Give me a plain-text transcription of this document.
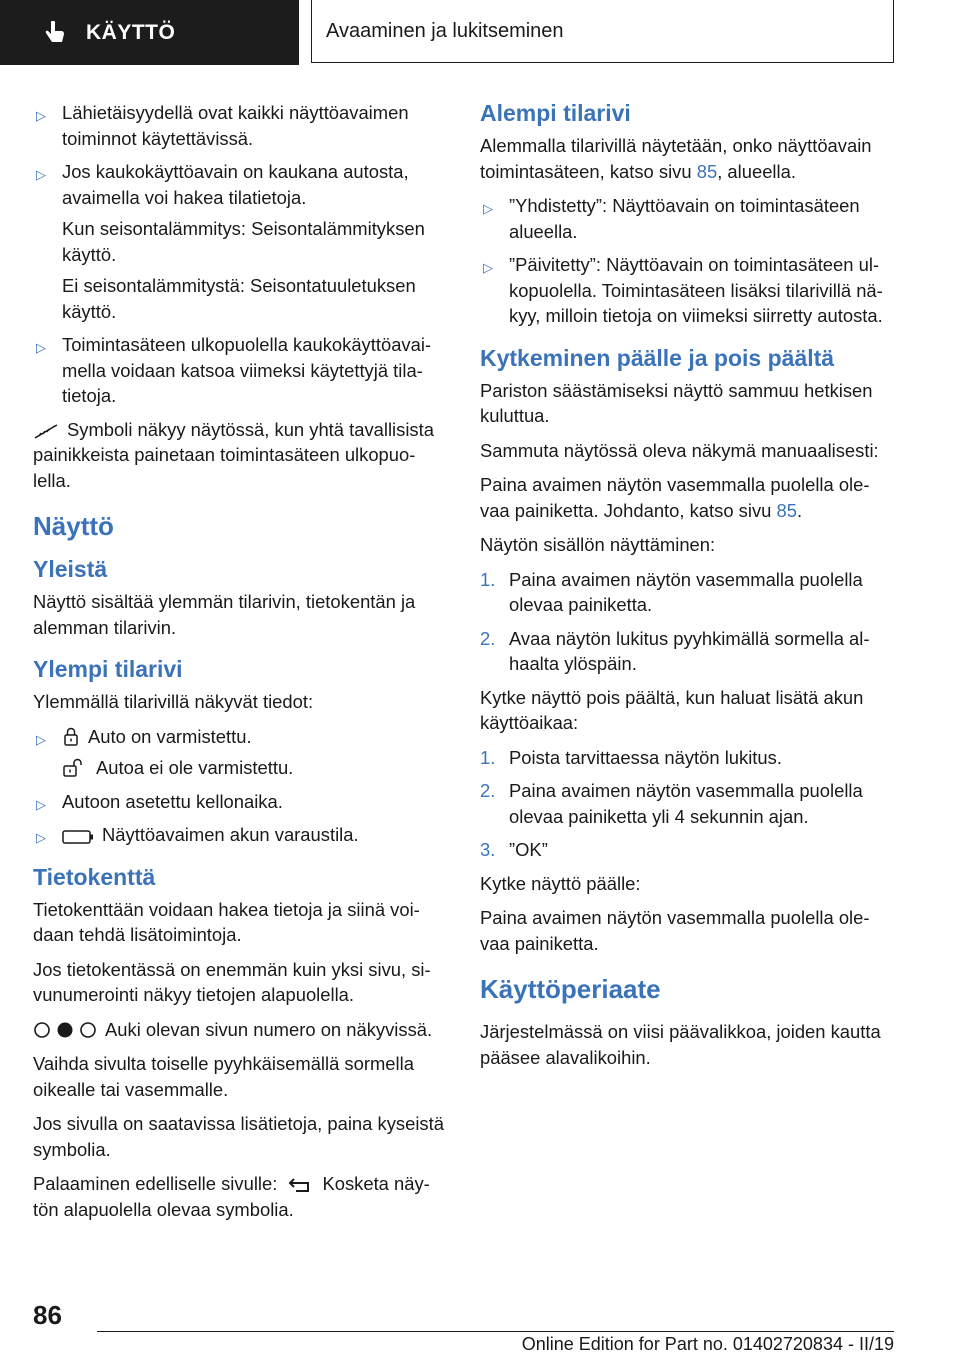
KÄYTTÖ	Avaaminen ja lukitseminen
▷ Lähietäisyydellä ovat kaikki näyttöavaimen toiminnot käytettävissä.

▷ Jos kaukokäyttöavain on kaukana autosta, avaimella voi hakea tilatietoja.

Kun seisontalämmitys: Seisontalämmityksen käyttö.

Ei seisontalämmitystä: Seisontatuuletuksen käyttö.

▷ Toimintasäteen ulkopuolella kaukokäyttöavai-mella voidaan katsoa viimeksi käytettyjä tila-tietoja.

Symboli näkyy näytössä, kun yhtä tavallisista painikkeista painetaan toimintasäteen ulkopuo-lella.

Näyttö
Yleistä

Näyttö sisältää ylemmän tilarivin, tietokentän ja alemman tilarivin.

Ylempi tilarivi

Ylemmällä tilarivillä näkyvät tiedot:

▷	Auto on varmistettu.

Autoa ei ole varmistettu.

▷ Autoon asetettu kellonaika.

▷	Näyttöavaimen akun varaustila.

Tietokenttä

Tietokenttään voidaan hakea tietoja ja siinä voi-daan tehdä lisätoimintoja.

Jos tietokentässä on enemmän kuin yksi sivu, si-vunumerointi näkyy tietojen alapuolella.

Auki olevan sivun numero on näkyvissä.

Vaihda sivulta toiselle pyyhkäisemällä sormella oikealle tai vasemmalle.

Jos sivulla on saatavissa lisätietoja, paina kyseistä symbolia.

Palaaminen edelliselle sivulle: Kosketa näy-tön alapuolella olevaa symbolia.

Alempi tilarivi

Alemmalla tilarivillä näytetään, onko näyttöavain toimintasäteen, katso sivu 85, alueella.

▷ ”Yhdistetty”: Näyttöavain on toimintasäteen alueella.

▷ ”Päivitetty”: Näyttöavain on toimintasäteen ul-kopuolella. Toimintasäteen lisäksi tilarivillä nä-kyy, milloin tietoja on viimeksi siirretty autosta.

Kytkeminen päälle ja pois päältä

Pariston säästämiseksi näyttö sammuu hetkisen kuluttua.

Sammuta näytössä oleva näkymä manuaalisesti:

Paina avaimen näytön vasemmalla puolella ole-vaa painiketta. Johdanto, katso sivu 85.

Näytön sisällön näyttäminen:

1. Paina avaimen näytön vasemmalla puolella olevaa painiketta.
2. Avaa näytön lukitus pyyhkimällä sormella al-haalta ylöspäin.

Kytke näyttö pois päältä, kun haluat lisätä akun käyttöaikaa:

1. Poista tarvittaessa näytön lukitus.
2. Paina avaimen näytön vasemmalla puolella olevaa painiketta yli 4 sekunnin ajan.
3. ”OK”

Kytke näyttö päälle:

Paina avaimen näytön vasemmalla puolella ole-vaa painiketta.

Käyttöperiaate

Järjestelmässä on viisi päävalikkoa, joiden kautta pääsee alavalikoihin.

86
Online Edition for Part no. 01402720834 - II/19
